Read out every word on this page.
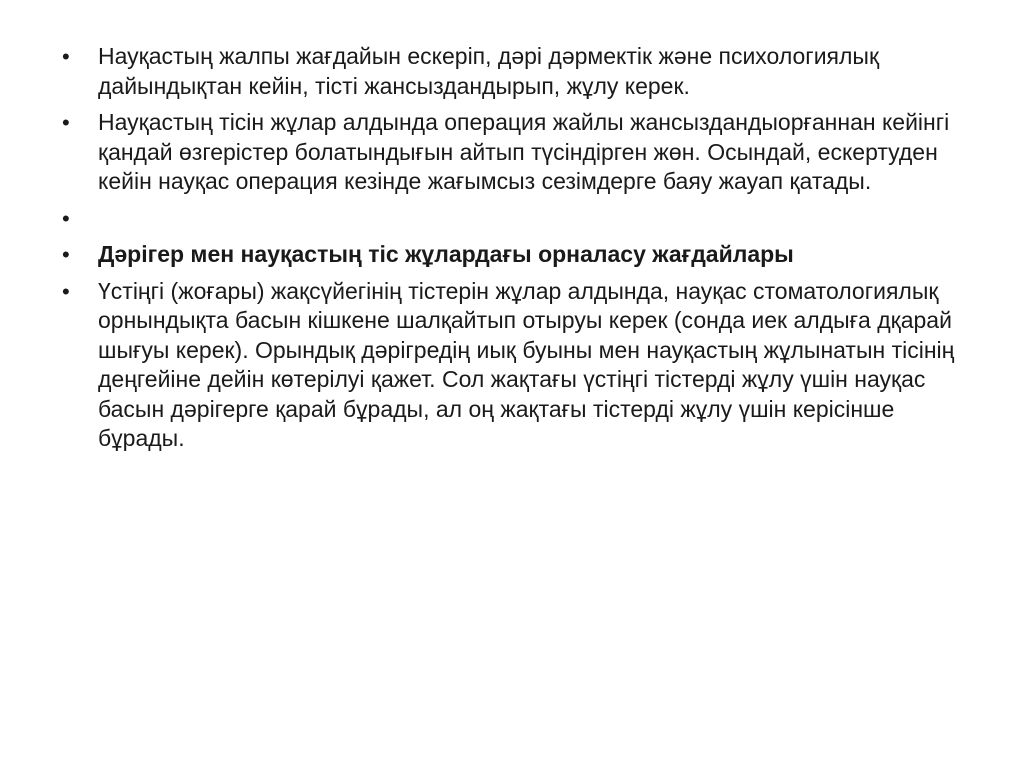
•	Науқастың жалпы жағдайын ескеріп, дәрі дәрмектік және психологиялық дайындықтан кейін, тісті жансыздандырып, жұлу керек.
•	Науқастың тісін жұлар алдында операция жайлы жансыздандыорғаннан кейінгі қандай өзгерістер болатындығын айтып түсіндірген жөн. Осындай, ескертуден кейін науқас операция кезінде жағымсыз сезімдерге баяу жауап қатады.
•
•	Дәрігер мен науқастың тіс жұлардағы орналасу жағдайлары
•	Үстіңгі (жоғары) жақсүйегінің тістерін жұлар алдында, науқас стоматологиялық орнындықта басын кішкене шалқайтып отыруы керек (сонда иек алдыға дқарай шығуы керек). Орындық дәрігредің иық буыны мен науқастың жұлынатын тісінің деңгейіне дейін көтерілуі қажет. Сол жақтағы үстіңгі тістерді жұлу үшін науқас басын дәрігерге қарай бұрады, ал оң жақтағы тістерді жұлу үшін керісінше бұрады.
